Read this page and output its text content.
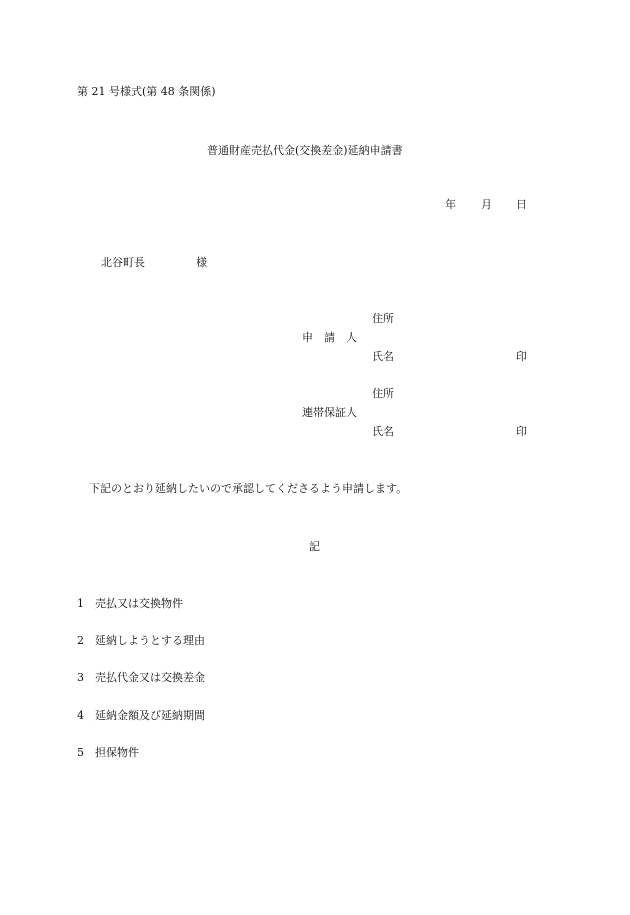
第 21 号様式(第 48 条関係)
普通財産売払代金(交換差金)延納申請書
年 月 日
北谷町長	様
住所
申　請　人
氏名	印
住所
連帯保証人
氏名	印
下記のとおり延納したいので承認してくださるよう申請します。
記
1 売払又は交換物件
2 延納しようとする理由
3 売払代金又は交換差金
4 延納金額及び延納期間
5 担保物件
